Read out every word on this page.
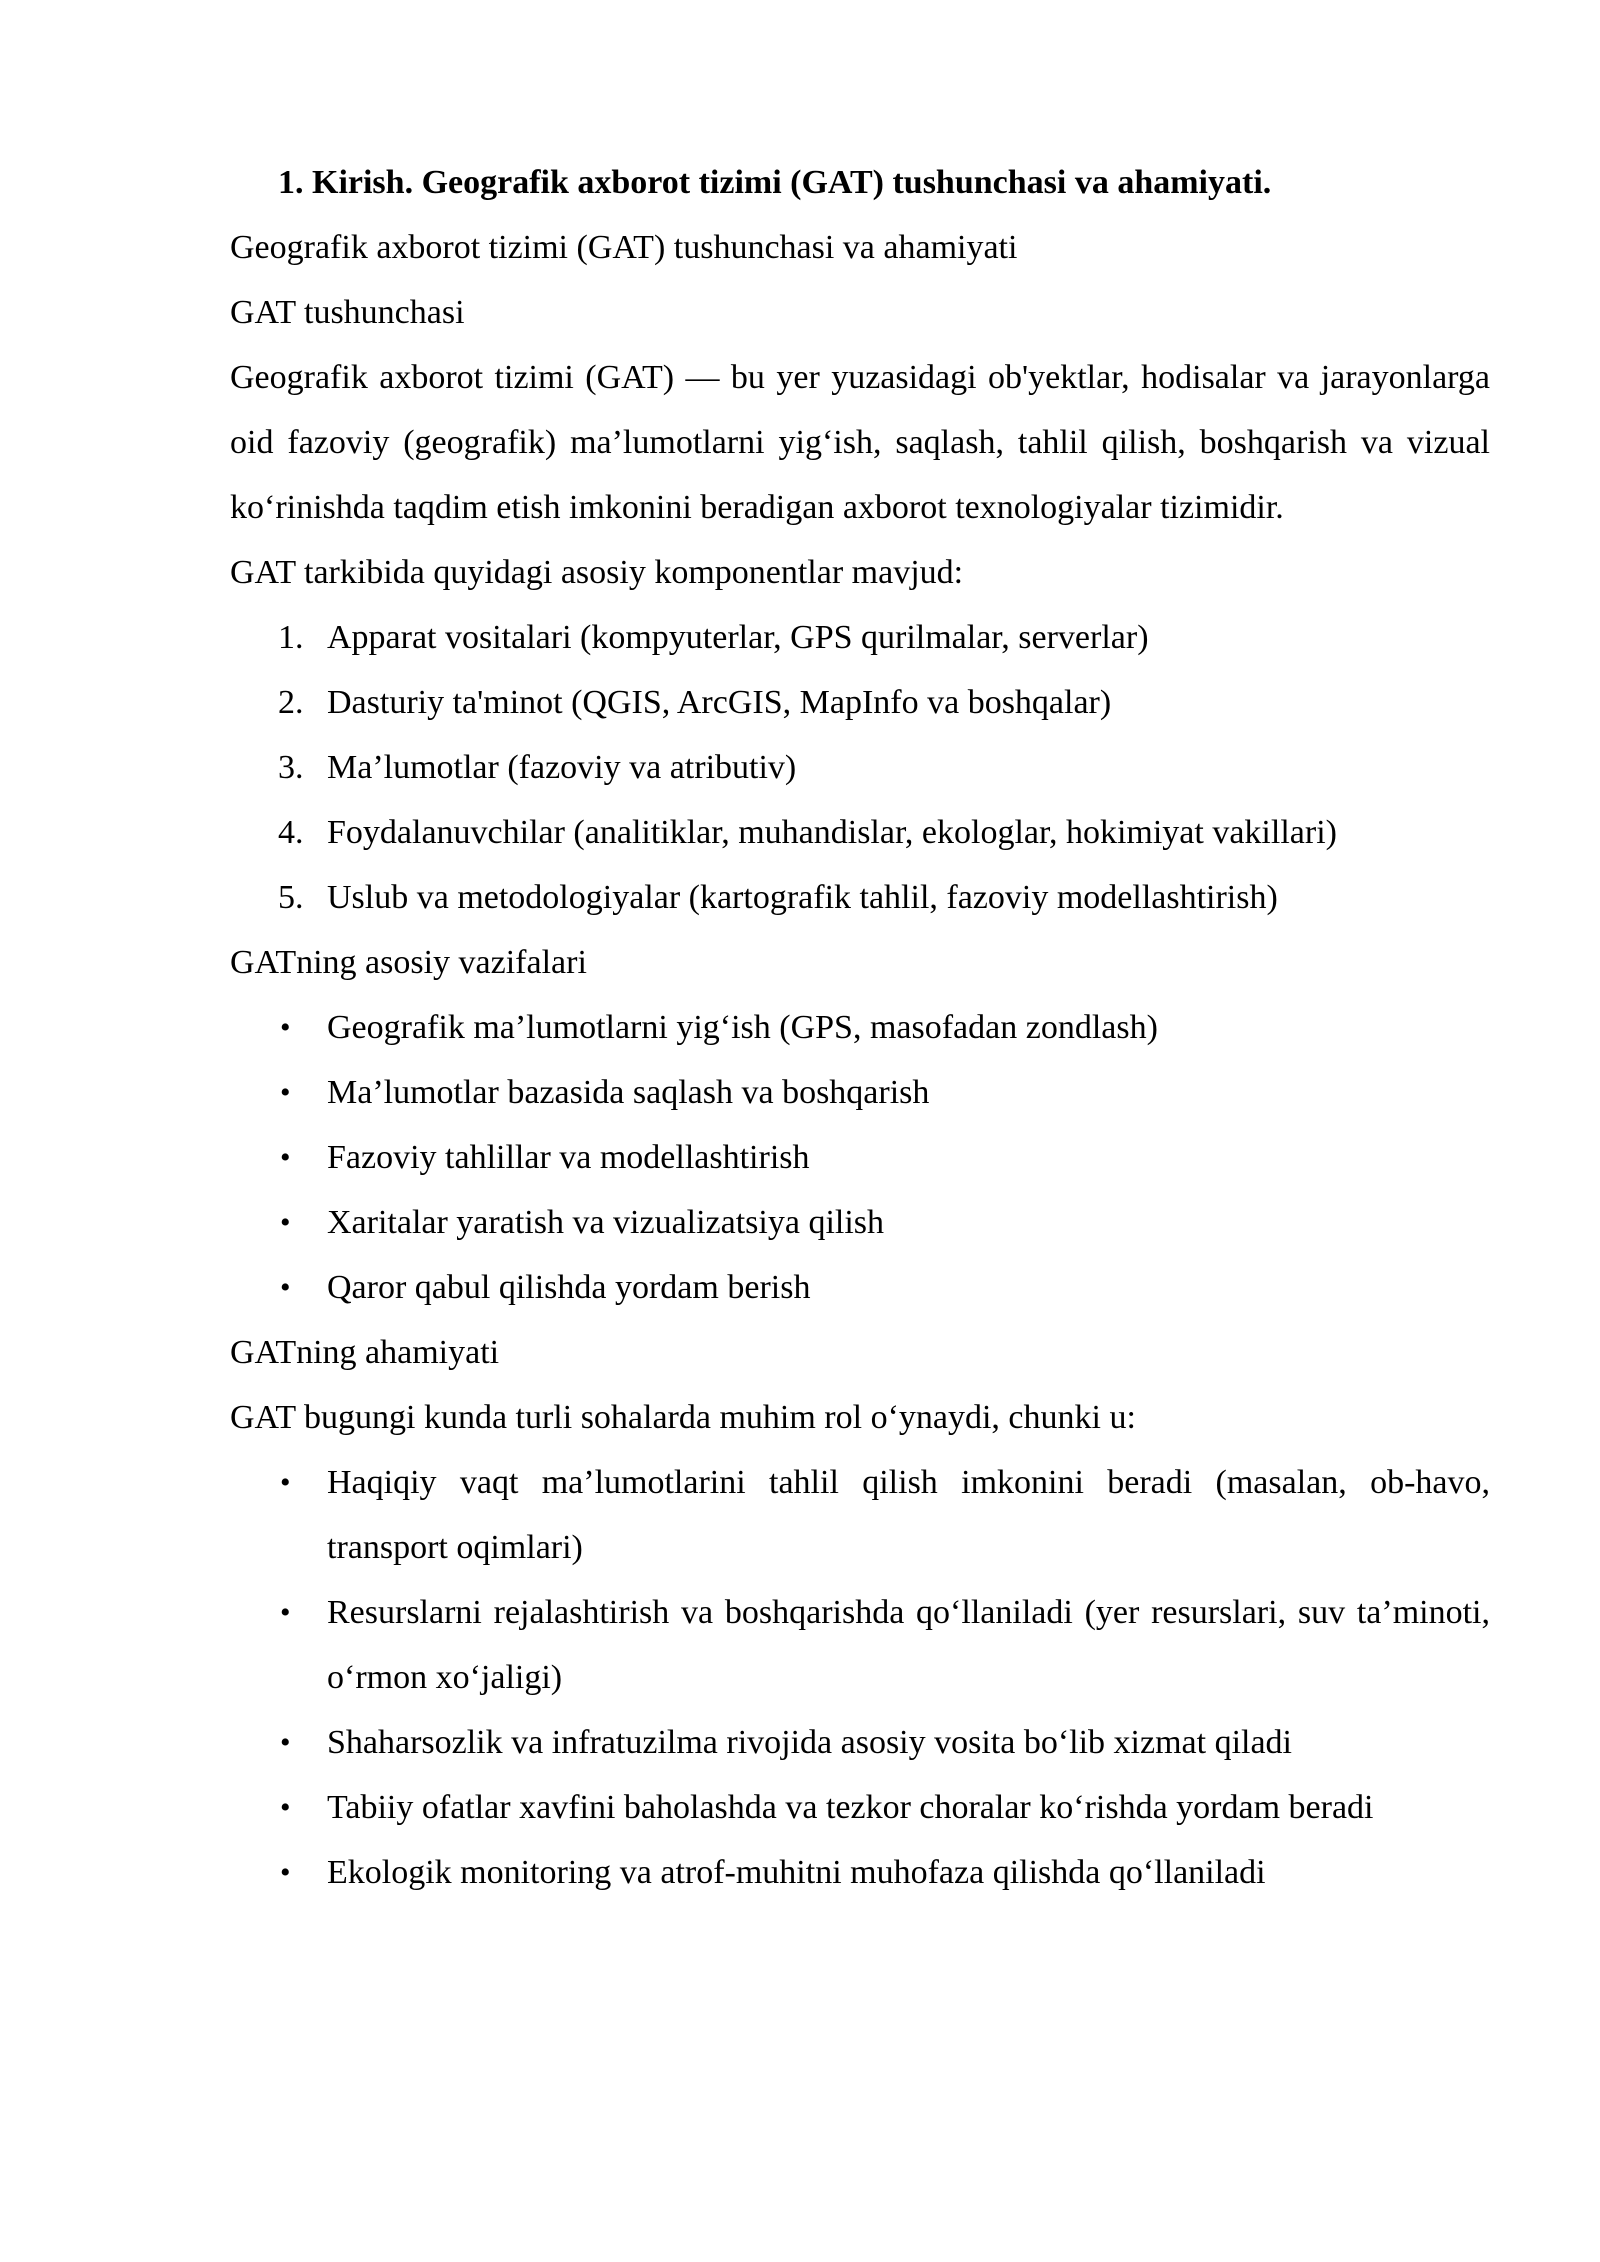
1. Kirish. Geografik axborot tizimi (GAT) tushunchasi va ahamiyati.

Geografik axborot tizimi (GAT) tushunchasi va ahamiyati

GAT tushunchasi

Geografik axborot tizimi (GAT) — bu yer yuzasidagi ob'yektlar, hodisalar va jarayonlarga oid fazoviy (geografik) ma’lumotlarni yig‘ish, saqlash, tahlil qilish, boshqarish va vizual ko‘rinishda taqdim etish imkonini beradigan axborot texnologiyalar tizimidir.

GAT tarkibida quyidagi asosiy komponentlar mavjud:

1. Apparat vositalari (kompyuterlar, GPS qurilmalar, serverlar)
2. Dasturiy ta'minot (QGIS, ArcGIS, MapInfo va boshqalar)
3. Ma’lumotlar (fazoviy va atributiv)
4. Foydalanuvchilar (analitiklar, muhandislar, ekologlar, hokimiyat vakillari)
5. Uslub va metodologiyalar (kartografik tahlil, fazoviy modellashtirish)

GATning asosiy vazifalari

• Geografik ma’lumotlarni yig‘ish (GPS, masofadan zondlash)
• Ma’lumotlar bazasida saqlash va boshqarish
• Fazoviy tahlillar va modellashtirish
• Xaritalar yaratish va vizualizatsiya qilish
• Qaror qabul qilishda yordam berish

GATning ahamiyati

GAT bugungi kunda turli sohalarda muhim rol o‘ynaydi, chunki u:

• Haqiqiy vaqt ma’lumotlarini tahlil qilish imkonini beradi (masalan, ob-havo, transport oqimlari)
• Resurslarni rejalashtirish va boshqarishda qo‘llaniladi (yer resurslari, suv ta’minoti, o‘rmon xo‘jaligi)
• Shaharsozlik va infratuzilma rivojida asosiy vosita bo‘lib xizmat qiladi
• Tabiiy ofatlar xavfini baholashda va tezkor choralar ko‘rishda yordam beradi
• Ekologik monitoring va atrof-muhitni muhofaza qilishda qo‘llaniladi
